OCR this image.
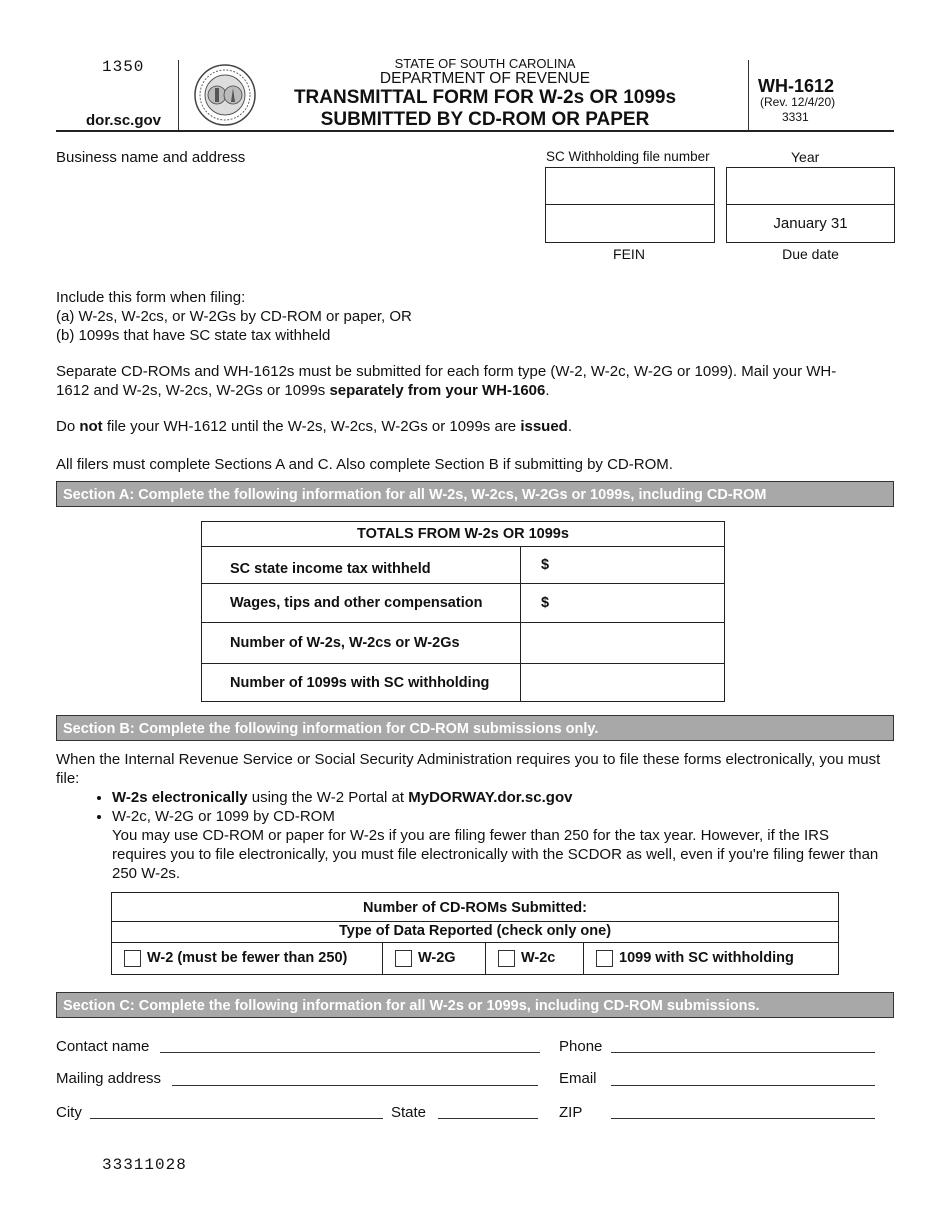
1350
dor.sc.gov
STATE OF SOUTH CAROLINA
DEPARTMENT OF REVENUE
TRANSMITTAL FORM FOR W-2s OR 1099s
SUBMITTED BY CD-ROM OR PAPER
WH-1612
(Rev. 12/4/20)
3331
Business name and address	SC Withholding file number	Year
January 31
FEIN	Due date
Include this form when filing:
(a) W-2s, W-2cs, or W-2Gs by CD-ROM or paper, OR
(b) 1099s that have SC state tax withheld
Separate CD-ROMs and WH-1612s must be submitted for each form type (W-2, W-2c, W-2G or 1099). Mail your WH-1612 and W-2s, W-2cs, W-2Gs or 1099s separately from your WH-1606.
Do not file your WH-1612 until the W-2s, W-2cs, W-2Gs or 1099s are issued.
All filers must complete Sections A and C. Also complete Section B if submitting by CD-ROM.
Section A: Complete the following information for all W-2s, W-2cs, W-2Gs or 1099s, including CD-ROM
TOTALS FROM W-2s OR 1099s	
SC state income tax withheld	$
Wages, tips and other compensation	$
Number of W-2s, W-2cs or W-2Gs	
Number of 1099s with SC withholding	
Section B: Complete the following information for CD-ROM submissions only.
When the Internal Revenue Service or Social Security Administration requires you to file these forms electronically, you must file:
• W-2s electronically using the W-2 Portal at MyDORWAY.dor.sc.gov
• W-2c, W-2G or 1099 by CD-ROM
You may use CD-ROM or paper for W-2s if you are filing fewer than 250 for the tax year. However, if the IRS requires you to file electronically, you must file electronically with the SCDOR as well, even if you're filing fewer than 250 W-2s.
Number of CD-ROMs Submitted:
Type of Data Reported (check only one)
W-2 (must be fewer than 250)	W-2G	W-2c	1099 with SC withholding
Section C: Complete the following information for all W-2s or 1099s, including CD-ROM submissions.
Contact name	Phone
Mailing address	Email
City	State	ZIP
33311028
